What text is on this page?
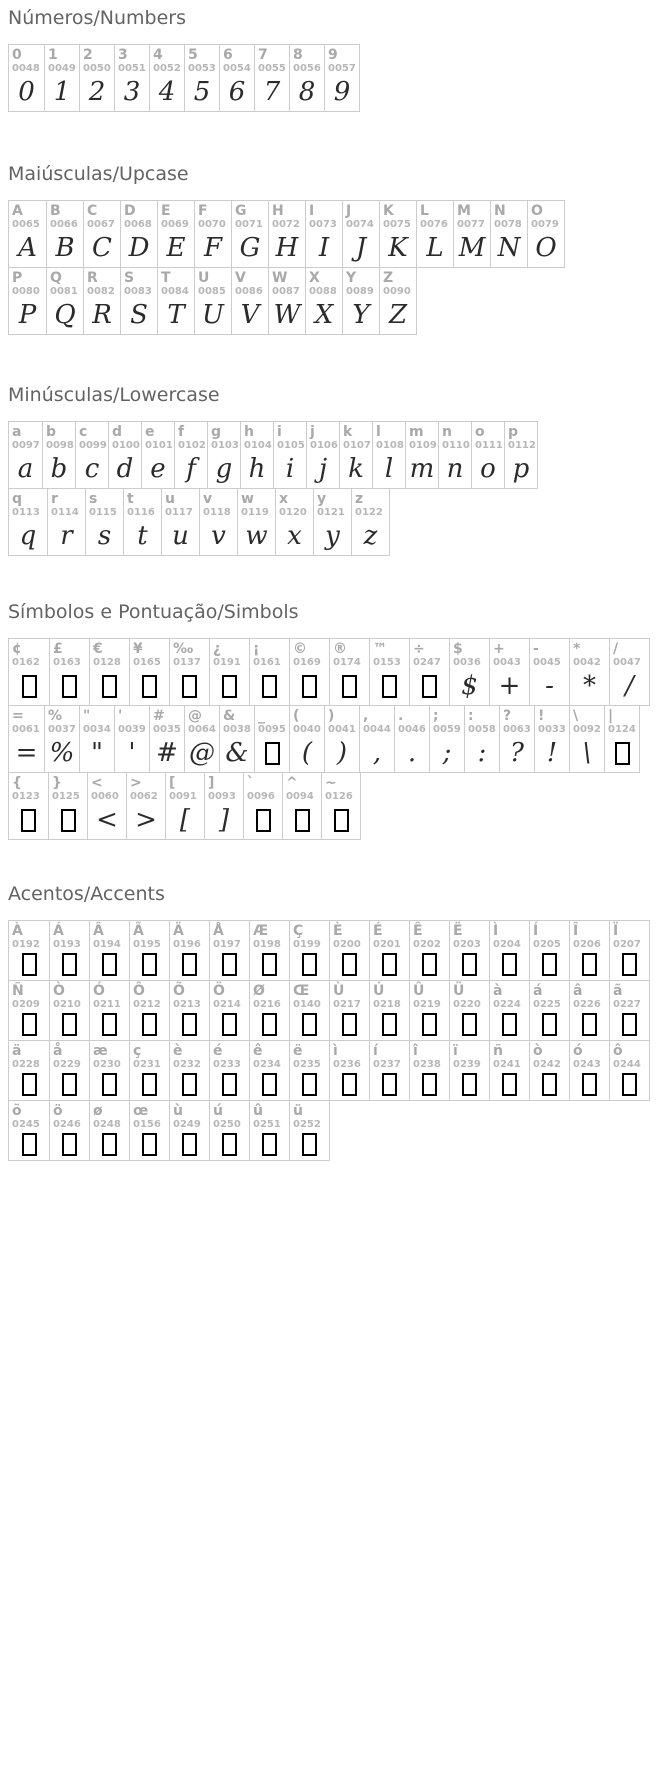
Números/Numbers
0
0048
0
1
0049
1
2
0050
2
3
0051
3
4
0052
4
5
0053
5
6
0054
6
7
0055
7
8
0056
8
9
0057
9
Maiúsculas/Upcase
A
0065
A
B
0066
B
C
0067
C
D
0068
D
E
0069
E
F
0070
F
G
0071
G
H
0072
H
I
0073
I
J
0074
J
K
0075
K
L
0076
L
M
0077
M
N
0078
N
O
0079
O
P
0080
P
Q
0081
Q
R
0082
R
S
0083
S
T
0084
T
U
0085
U
V
0086
V
W
0087
W
X
0088
X
Y
0089
Y
Z
0090
Z
Minúsculas/Lowercase
a
0097
a
b
0098
b
c
0099
c
d
0100
d
e
0101
e
f
0102
f
g
0103
g
h
0104
h
i
0105
i
j
0106
j
k
0107
k
l
0108
l
m
0109
m
n
0110
n
o
0111
o
p
0112
p
q
0113
q
r
0114
r
s
0115
s
t
0116
t
u
0117
u
v
0118
v
w
0119
w
x
0120
x
y
0121
y
z
0122
z
Símbolos e Pontuação/Simbols
¢
0162
£
0163
€
0128
¥
0165
‰
0137
¿
0191
¡
0161
©
0169
®
0174
™
0153
÷
0247
$
0036
$
+
0043
+
-
0045
-
*
0042
*
/
0047
/
=
0061
=
%
0037
%
"
0034
"
'
0039
'
#
0035
#
@
0064
@
&
0038
&
_
0095
(
0040
(
)
0041
)
,
0044
,
.
0046
.
;
0059
;
:
0058
:
?
0063
?
!
0033
!
\
0092
\
|
0124
{
0123
}
0125
<
0060
<
>
0062
>
[
0091
[
]
0093
]
`
0096
^
0094
~
0126
Acentos/Accents
À
0192
Á
0193
Â
0194
Ã
0195
Ä
0196
Å
0197
Æ
0198
Ç
0199
È
0200
É
0201
Ê
0202
Ë
0203
Ì
0204
Í
0205
Î
0206
Ï
0207
Ñ
0209
Ò
0210
Ó
0211
Ô
0212
Õ
0213
Ö
0214
Ø
0216
Œ
0140
Ù
0217
Ú
0218
Û
0219
Ü
0220
à
0224
á
0225
â
0226
ã
0227
ä
0228
å
0229
æ
0230
ç
0231
è
0232
é
0233
ê
0234
ë
0235
ì
0236
í
0237
î
0238
ï
0239
ñ
0241
ò
0242
ó
0243
ô
0244
õ
0245
ö
0246
ø
0248
œ
0156
ù
0249
ú
0250
û
0251
ü
0252
